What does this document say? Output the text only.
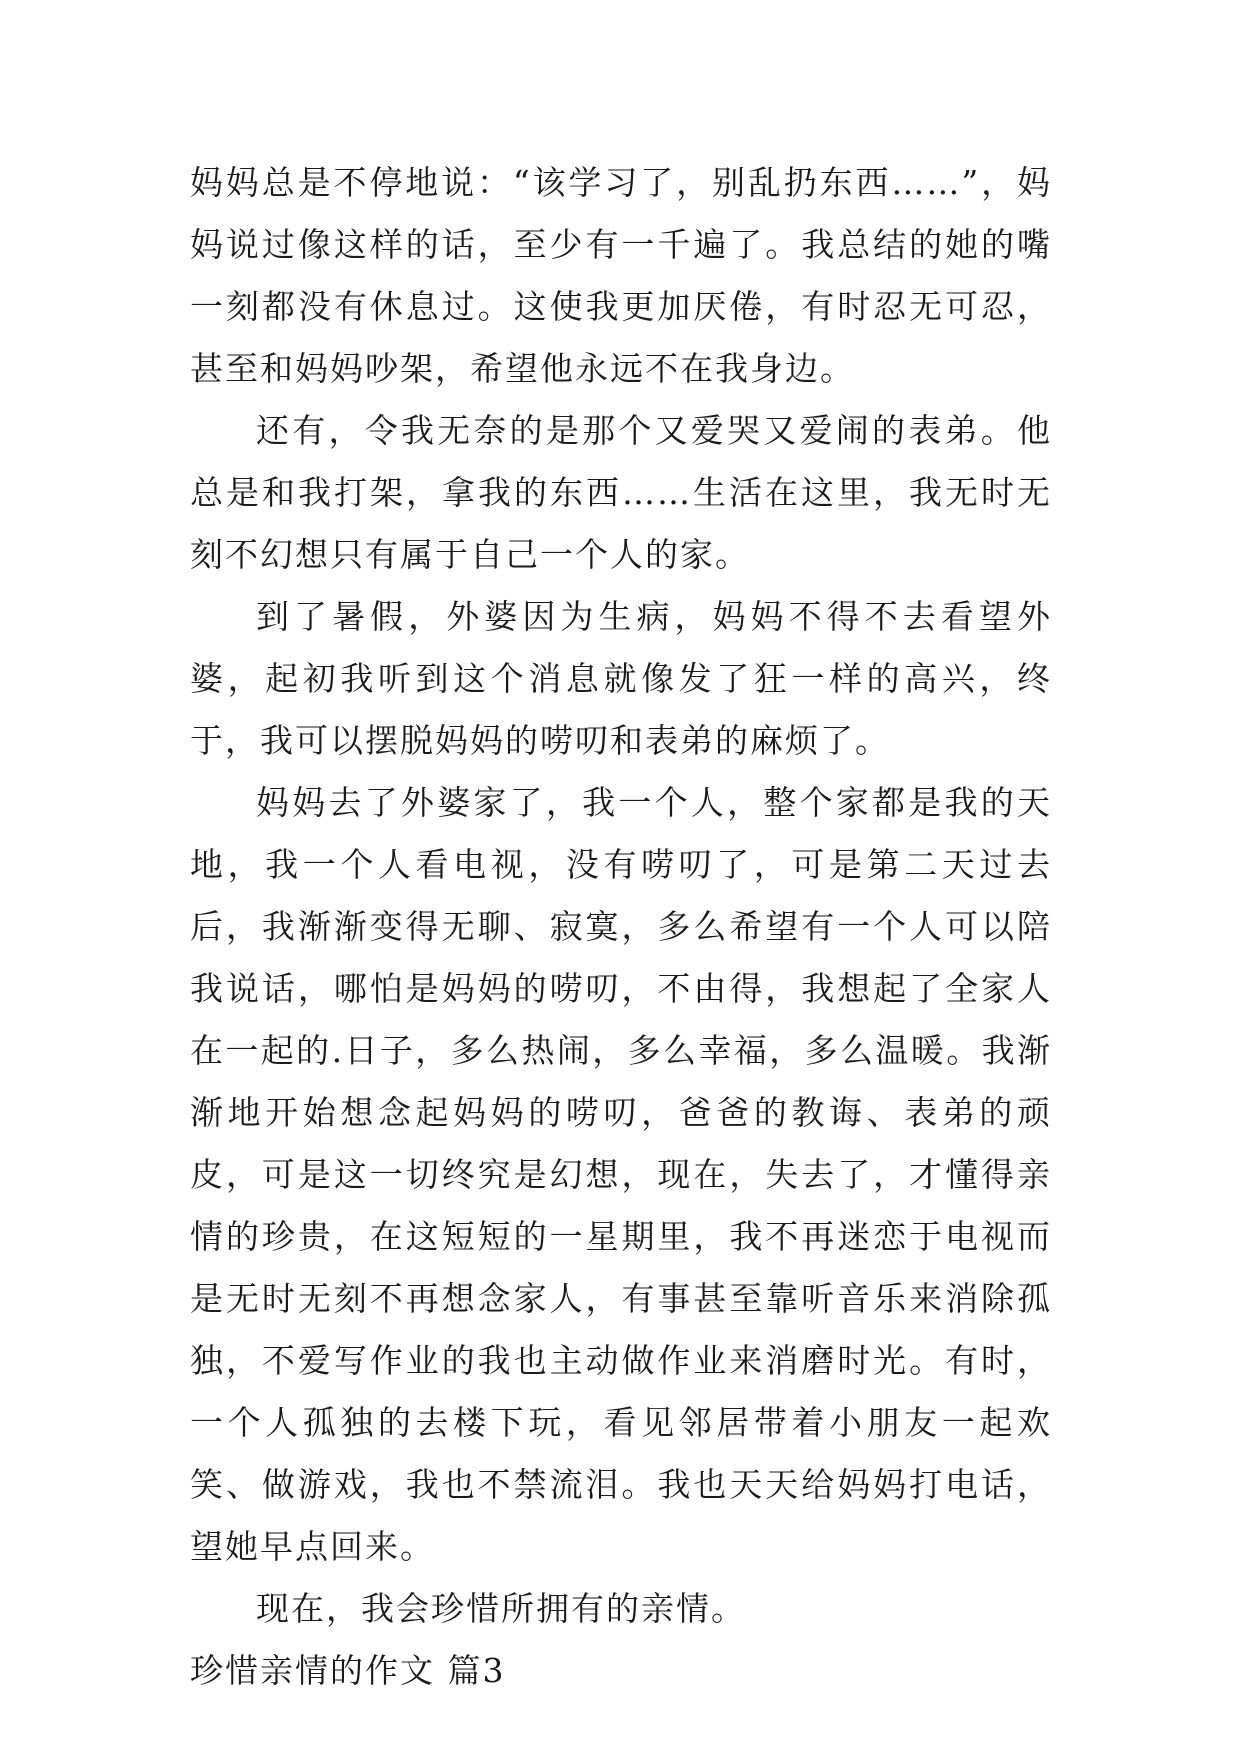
妈妈总是不停地说：“该学习了，别乱扔东西……”，妈妈说过像这样的话，至少有一千遍了。我总结的她的嘴一刻都没有休息过。这使我更加厌倦，有时忍无可忍，甚至和妈妈吵架，希望他永远不在我身边。

还有，令我无奈的是那个又爱哭又爱闹的表弟。他总是和我打架，拿我的东西……生活在这里，我无时无刻不幻想只有属于自己一个人的家。

到了暑假，外婆因为生病，妈妈不得不去看望外婆，起初我听到这个消息就像发了狂一样的高兴，终于，我可以摆脱妈妈的唠叨和表弟的麻烦了。

妈妈去了外婆家了，我一个人，整个家都是我的天地，我一个人看电视，没有唠叨了，可是第二天过去后，我渐渐变得无聊、寂寞，多么希望有一个人可以陪我说话，哪怕是妈妈的唠叨，不由得，我想起了全家人在一起的.日子，多么热闹，多么幸福，多么温暖。我渐渐地开始想念起妈妈的唠叨，爸爸的教诲、表弟的顽皮，可是这一切终究是幻想，现在，失去了，才懂得亲情的珍贵，在这短短的一星期里，我不再迷恋于电视而是无时无刻不再想念家人，有事甚至靠听音乐来消除孤独，不爱写作业的我也主动做作业来消磨时光。有时，一个人孤独的去楼下玩，看见邻居带着小朋友一起欢笑、做游戏，我也不禁流泪。我也天天给妈妈打电话，望她早点回来。

现在，我会珍惜所拥有的亲情。

珍惜亲情的作文 篇3
